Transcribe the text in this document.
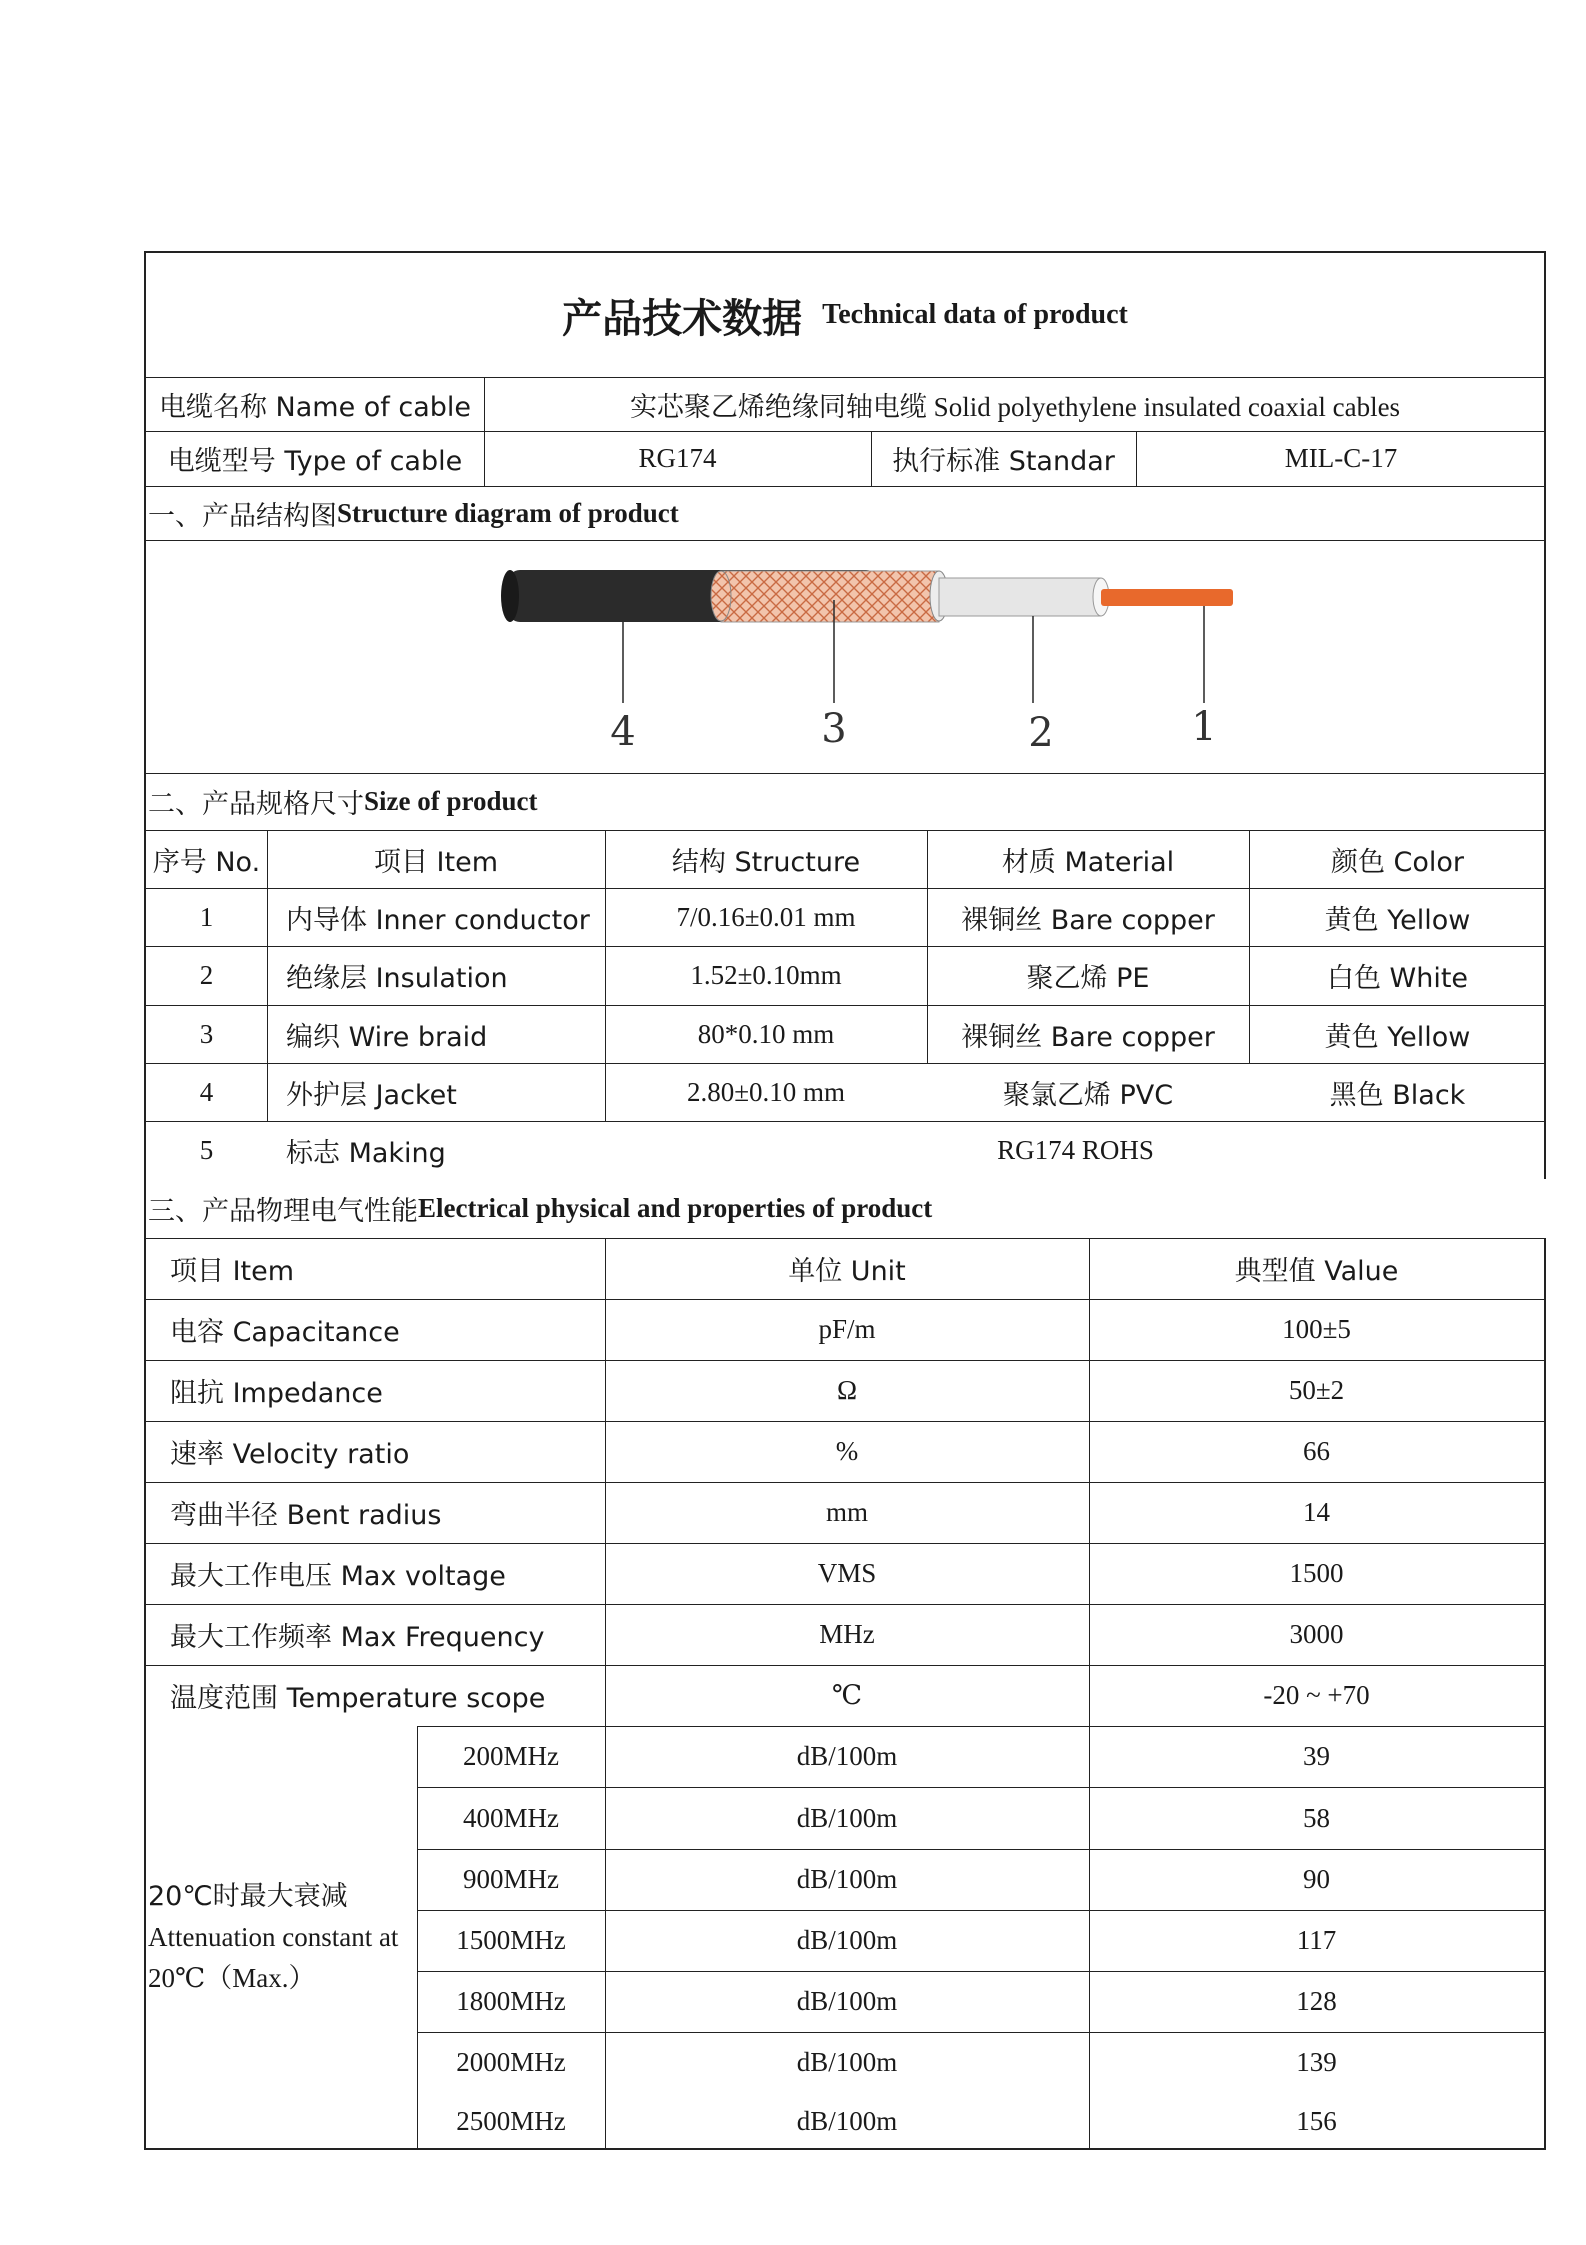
产品技术数据 Technical data of product
电缆名称 Name of cable	实芯聚乙烯绝缘同轴电缆 Solid polyethylene insulated coaxial cables
电缆型号 Type of cable	RG174	执行标准 Standar	MIL-C-17
一、产品结构图 Structure diagram of product
4	3	2	1
二、产品规格尺寸 Size of product
序号 No.	项目 Item	结构 Structure	材质 Material	颜色 Color
1	内导体 Inner conductor	7/0.16±0.01 mm	裸铜丝 Bare copper	黄色 Yellow
2	绝缘层 Insulation	1.52±0.10mm	聚乙烯 PE	白色 White
3	编织 Wire braid	80*0.10 mm	裸铜丝 Bare copper	黄色 Yellow
4	外护层 Jacket	2.80±0.10 mm	聚氯乙烯 PVC	黑色 Black
5	标志 Making	RG174 ROHS
三、产品物理电气性能 Electrical physical and properties of product
项目 Item	单位 Unit	典型值 Value
电容 Capacitance	pF/m	100±5
阻抗 Impedance	Ω	50±2
速率 Velocity ratio	%	66
弯曲半径 Bent radius	mm	14
最大工作电压 Max voltage	VMS	1500
最大工作频率 Max Frequency	MHz	3000
温度范围 Temperature scope	℃	-20 ~ +70
20℃时最大衰减
Attenuation constant at
20℃（Max.）
200MHz	dB/100m	39
400MHz	dB/100m	58
900MHz	dB/100m	90
1500MHz	dB/100m	117
1800MHz	dB/100m	128
2000MHz	dB/100m	139
2500MHz	dB/100m	156
